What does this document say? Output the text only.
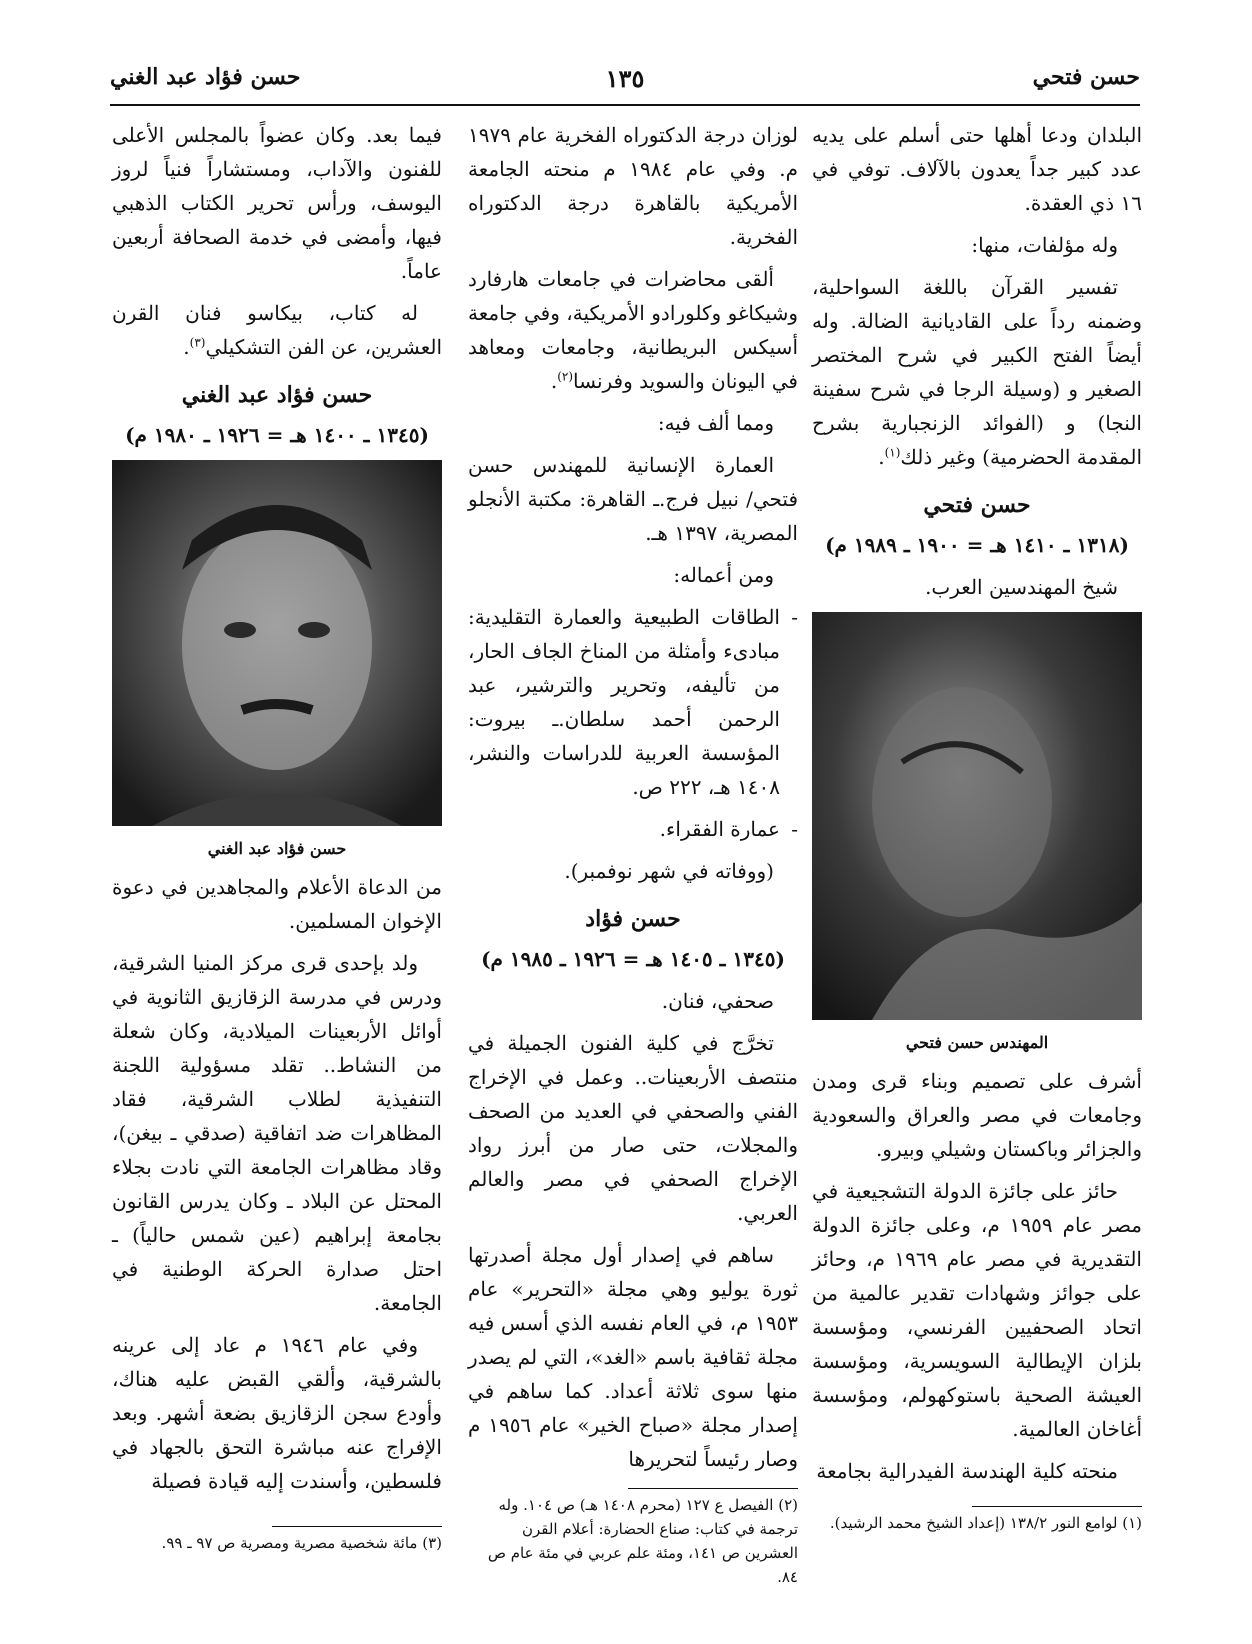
حسن فتحي
١٣٥
حسن فؤاد عبد الغني

البلدان ودعا أهلها حتى أسلم على يديه عدد كبير جداً يعدون بالآلاف. توفي في ١٦ ذي العقدة.

وله مؤلفات، منها:

تفسير القرآن باللغة السواحلية، وضمنه رداً على القاديانية الضالة. وله أيضاً الفتح الكبير في شرح المختصر الصغير و (وسيلة الرجا في شرح سفينة النجا) و (الفوائد الزنجبارية بشرح المقدمة الحضرمية) وغير ذلك$^{(١)}$.

حسن فتحي
(١٣١٨ ـ ١٤١٠ هـ = ١٩٠٠ ـ ١٩٨٩ م)

شيخ المهندسين العرب.

المهندس حسن فتحي

أشرف على تصميم وبناء قرى ومدن وجامعات في مصر والعراق والسعودية والجزائر وباكستان وشيلي وبيرو.

حائز على جائزة الدولة التشجيعية في مصر عام ١٩٥٩ م، وعلى جائزة الدولة التقديرية في مصر عام ١٩٦٩ م، وحائز على جوائز وشهادات تقدير عالمية من اتحاد الصحفيين الفرنسي، ومؤسسة بلزان الإيطالية السويسرية، ومؤسسة العيشة الصحية باستوكهولم، ومؤسسة أغاخان العالمية.

منحته كلية الهندسة الفيدرالية بجامعة

لوزان درجة الدكتوراه الفخرية عام ١٩٧٩ م. وفي عام ١٩٨٤ م منحته الجامعة الأمريكية بالقاهرة درجة الدكتوراه الفخرية.

ألقى محاضرات في جامعات هارفارد وشيكاغو وكلورادو الأمريكية، وفي جامعة أسيكس البريطانية، وجامعات ومعاهد في اليونان والسويد وفرنسا$^{(٢)}$.

ومما ألف فيه:

العمارة الإنسانية للمهندس حسن فتحي/ نبيل فرج.ـ القاهرة: مكتبة الأنجلو المصرية، ١٣٩٧ هـ.

ومن أعماله:

- الطاقات الطبيعية والعمارة التقليدية: مبادىء وأمثلة من المناخ الجاف الحار، من تأليفه، وتحرير والترشير، عبد الرحمن أحمد سلطان.ـ بيروت: المؤسسة العربية للدراسات والنشر، ١٤٠٨ هـ، ٢٢٢ ص.

- عمارة الفقراء.

(ووفاته في شهر نوفمبر).

حسن فؤاد
(١٣٤٥ ـ ١٤٠٥ هـ = ١٩٢٦ ـ ١٩٨٥ م)

صحفي، فنان.

تخرَّج في كلية الفنون الجميلة في منتصف الأربعينات.. وعمل في الإخراج الفني والصحفي في العديد من الصحف والمجلات، حتى صار من أبرز رواد الإخراج الصحفي في مصر والعالم العربي.

ساهم في إصدار أول مجلة أصدرتها ثورة يوليو وهي مجلة «التحرير» عام ١٩٥٣ م، في العام نفسه الذي أسس فيه مجلة ثقافية باسم «الغد»، التي لم يصدر منها سوى ثلاثة أعداد. كما ساهم في إصدار مجلة «صباح الخير» عام ١٩٥٦ م وصار رئيساً لتحريرها

فيما بعد. وكان عضواً بالمجلس الأعلى للفنون والآداب، ومستشاراً فنياً لروز اليوسف، ورأس تحرير الكتاب الذهبي فيها، وأمضى في خدمة الصحافة أربعين عاماً.

له كتاب، بيكاسو فنان القرن العشرين، عن الفن التشكيلي$^{(٣)}$.

حسن فؤاد عبد الغني
(١٣٤٥ ـ ١٤٠٠ هـ = ١٩٢٦ ـ ١٩٨٠ م)
حسن فؤاد عبد الغني

من الدعاة الأعلام والمجاهدين في دعوة الإخوان المسلمين.

ولد بإحدى قرى مركز المنيا الشرقية، ودرس في مدرسة الزقازيق الثانوية في أوائل الأربعينات الميلادية، وكان شعلة من النشاط.. تقلد مسؤولية اللجنة التنفيذية لطلاب الشرقية، فقاد المظاهرات ضد اتفاقية (صدقي ـ بيغن)، وقاد مظاهرات الجامعة التي نادت بجلاء المحتل عن البلاد ـ وكان يدرس القانون بجامعة إبراهيم (عين شمس حالياً) ـ احتل صدارة الحركة الوطنية في الجامعة.

وفي عام ١٩٤٦ م عاد إلى عرينه بالشرقية، وألقي القبض عليه هناك، وأودع سجن الزقازيق بضعة أشهر. وبعد الإفراج عنه مباشرة التحق بالجهاد في فلسطين، وأسندت إليه قيادة فصيلة

(١) لوامع النور ١٣٨/٢ (إعداد الشيخ محمد الرشيد).

(٢) الفيصل ع ١٢٧ (محرم ١٤٠٨ هـ) ص ١٠٤. وله ترجمة في كتاب: صناع الحضارة: أعلام القرن العشرين ص ١٤١، ومئة علم عربي في مئة عام ص ٨٤.

(٣) مائة شخصية مصرية ومصرية ص ٩٧ ـ ٩٩.
